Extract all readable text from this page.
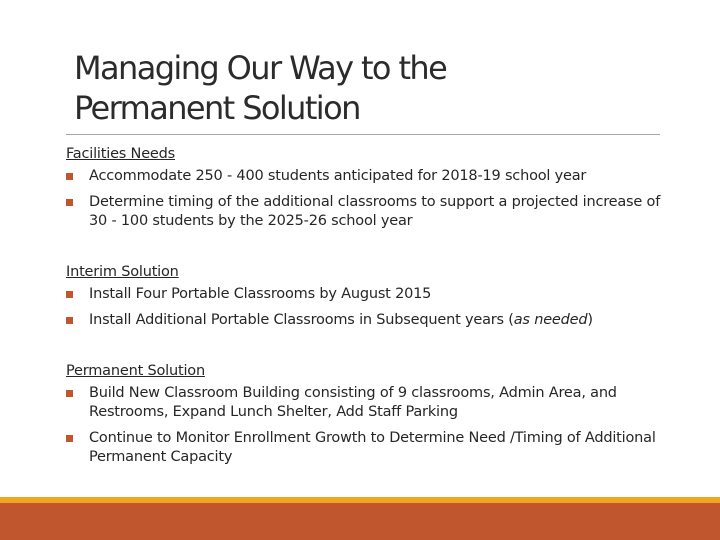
Managing Our Way to the
Permanent Solution
Facilities Needs
Accommodate 250 - 400 students anticipated for 2018-19 school year
Determine timing of the additional classrooms to support a projected increase of 30 - 100 students by the 2025-26 school year
Interim Solution
Install Four Portable Classrooms by August 2015
Install Additional Portable Classrooms in Subsequent years (as needed)
Permanent Solution
Build New Classroom Building consisting of 9 classrooms, Admin Area, and Restrooms, Expand Lunch Shelter, Add Staff Parking
Continue to Monitor Enrollment Growth to Determine Need /Timing of Additional Permanent Capacity
